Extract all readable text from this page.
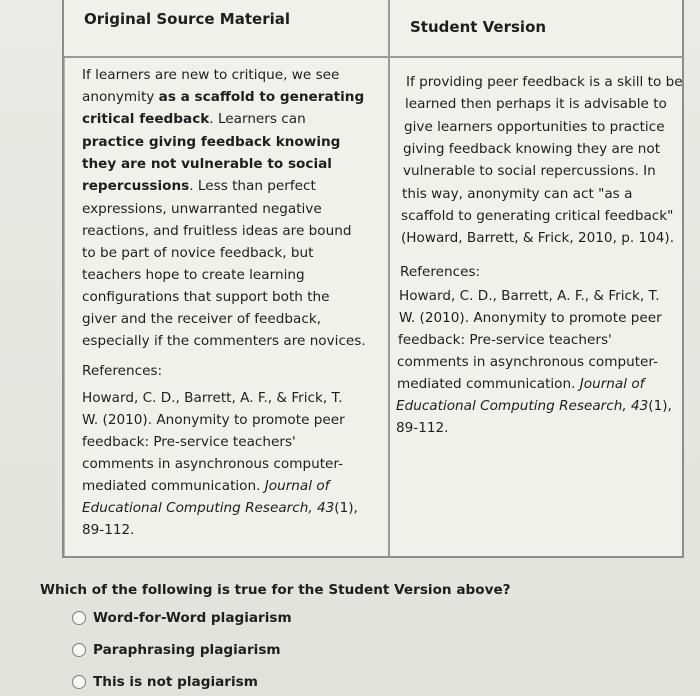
Original Source Material	Student Version
If learners are new to critique, we see
anonymity as a scaffold to generating
critical feedback. Learners can
practice giving feedback knowing
they are not vulnerable to social
repercussions. Less than perfect
expressions, unwarranted negative
reactions, and fruitless ideas are bound
to be part of novice feedback, but
teachers hope to create learning
configurations that support both the
giver and the receiver of feedback,
especially if the commenters are novices.
References:
Howard, C. D., Barrett, A. F., & Frick, T.
W. (2010). Anonymity to promote peer
feedback: Pre-service teachers'
comments in asynchronous computer-
mediated communication. Journal of
Educational Computing Research, 43(1),
89-112.
If providing peer feedback is a skill to be
learned then perhaps it is advisable to
give learners opportunities to practice
giving feedback knowing they are not
vulnerable to social repercussions. In
this way, anonymity can act "as a
scaffold to generating critical feedback"
(Howard, Barrett, & Frick, 2010, p. 104).
References:
Howard, C. D., Barrett, A. F., & Frick, T.
W. (2010). Anonymity to promote peer
feedback: Pre-service teachers'
comments in asynchronous computer-
mediated communication. Journal of
Educational Computing Research, 43(1),
89-112.
Which of the following is true for the Student Version above?
Word-for-Word plagiarism
Paraphrasing plagiarism
This is not plagiarism
